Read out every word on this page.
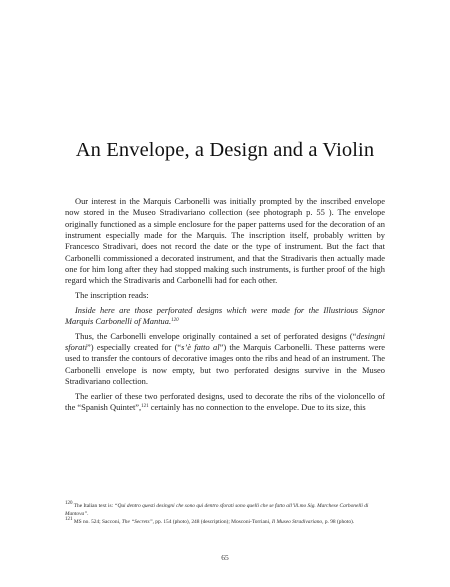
An Envelope, a Design and a Violin

Our interest in the Marquis Carbonelli was initially prompted by the inscribed envelope now stored in the Museo Stradivariano collection (see photograph p. 55 ). The envelope originally functioned as a simple enclosure for the paper patterns used for the decoration of an instrument especially made for the Marquis. The inscription itself, probably written by Francesco Stradivari, does not record the date or the type of instrument. But the fact that Carbonelli commissioned a decorated instrument, and that the Stradivaris then actually made one for him long after they had stopped making such instruments, is further proof of the high regard which the Stradivaris and Carbonelli had for each other.

The inscription reads:

Inside here are those perforated designs which were made for the Illustrious Signor Marquis Carbonelli of Mantua.$^{120}$

Thus, the Carbonelli envelope originally contained a set of perforated designs (“desingni sforati”) especially created for (“s’è fatto al”) the Marquis Carbonelli. These patterns were used to transfer the contours of decorative images onto the ribs and head of an instrument. The Carbonelli envelope is now empty, but two perforated designs survive in the Museo Stradivariano collection.

The earlier of these two perforated designs, used to decorate the ribs of the violoncello of the “Spanish Quintet”,$^{121}$ certainly has no connection to the envelope. Due to its size, this

$^{120}$ The Italian text is: “Qui dentro questi desingni che sono qui dentro sforati sono quelli che se fatto all’ill.mo Sig. Marchese Carbonelli di Mantova”.

$^{121}$ MS no. 524; Sacconi, The “Secrets”, pp. 154 (photo), 248 (description); Mosconi-Torriani, Il Museo Stradivariano, p. 98 (photo).

65
